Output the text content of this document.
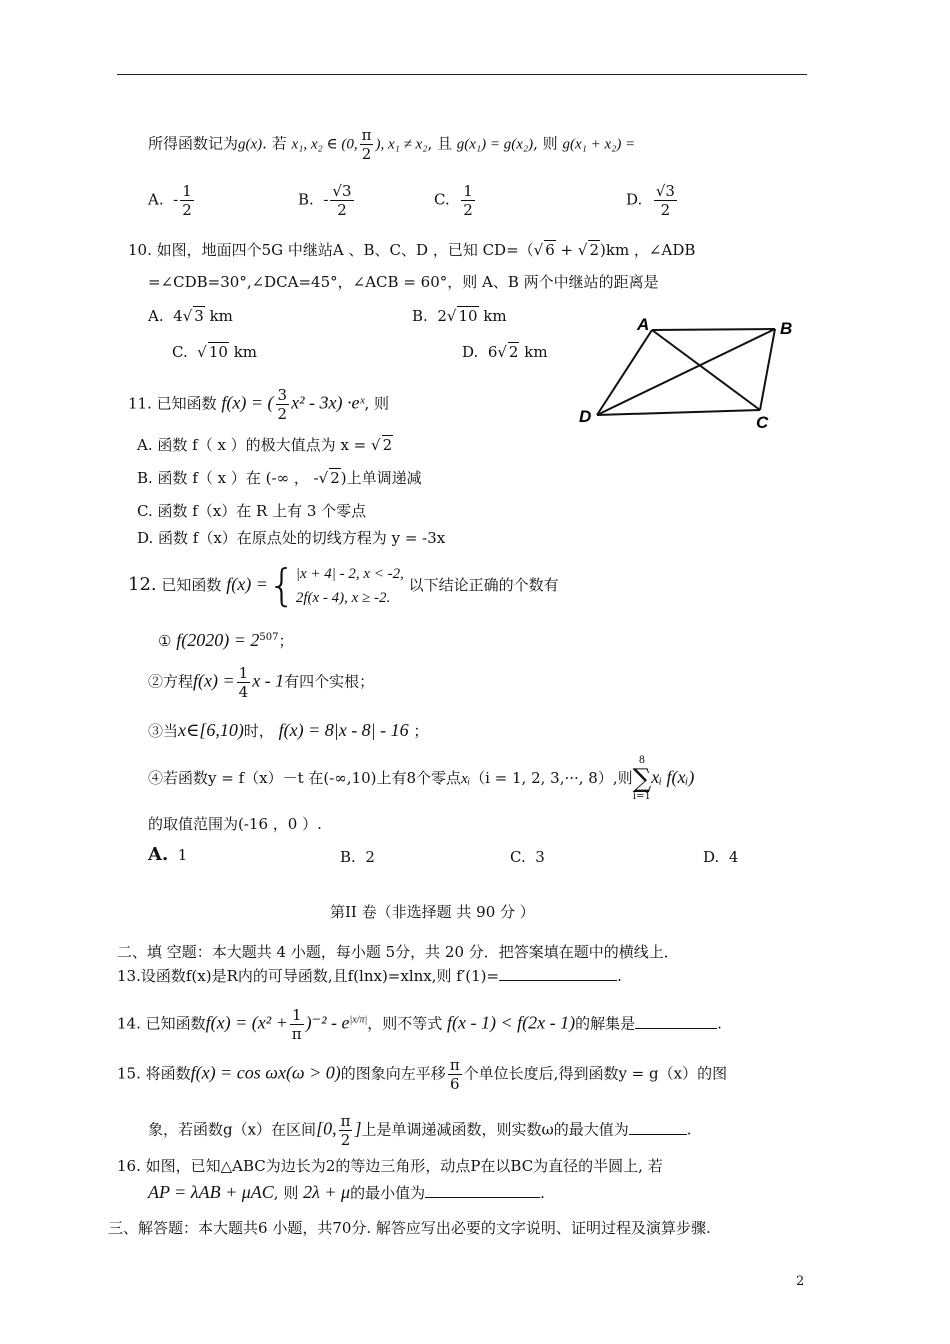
所得函数记为g(x). 若 x₁, x₂ ∈ (0, $\frac{\pi}{2}$ ), x₁ ≠ x₂, 且 g(x₁) = g(x₂), 则 g(x₁ + x₂) =
A. - $\frac{1}{2}$	B. - $\frac{√3}{2}$	C. $\frac{1}{2}$	D. $\frac{√3}{2}$
10. 如图，地面四个5G 中继站A 、B、C、D ，已知 CD=（√ 6 + √ 2)km ，∠ADB
=∠CDB=30°,∠DCA=45°，∠ACB = 60°，则 A、B 两个中继站的距离是
A. 4√ 3 km	B. 2√ 10 km
C. √ 10 km	D. 6√ 2 km
A	B
C
D
11. 已知函数 f(x) = ( $\frac{3}{2} x^2 - 3x$) ·eˣ, 则
A. 函数 f（ x ）的极大值点为 x = √ 2
B. 函数 f（ x ）在 (-∞ ， -√ 2)上单调递减
C. 函数 f（x）在 R 上有 3 个零点
D. 函数 f（x）在原点处的切线方程为 y = -3x
12. 已知函数 f(x) ={ |x + 4| - 2, x < -2,
2f(x - 4), x ≥ -2.
以下结论正确的个数有
① $f(2020) = 2^{507}$；
②方程$f(x) = \frac{1}{4}$ x - 1有四个实根；
③当x∈[6,10)时， f(x) = 8|x - 8| - 16 ；
④若函数y = f（x）－t 在(-∞,10)上有8个零点xᵢ（i = 1, 2, 3,···, 8）,则8
∑
i=1xᵢ f(xᵢ)
的取值范围为(-16 ，0 ）.
A. 1	B. 2	C. 3	D. 4
第II 卷（非选择题 共 90 分 ）
二、填 空题：本大题共 4 小题，每小题 5分，共 20 分．把答案填在题中的横线上．
13.设函数f(x)是R内的可导函数,且f(lnx)=xlnx,则 f′(1)=	.
14. 已知函数$f(x) = (x^2 + \frac{1}{\pi} )^{-2} - e^{|x/\pi|}$，则不等式 f(x - 1) < f(2x - 1)的解集是	.
15. 将函数f(x) = cos ωx(ω > 0)的图象向左平移 $\frac{\pi}{6}$ 个单位长度后,得到函数y = g（x）的图
象，若函数g（x）在区间[0, $\frac{\pi}{2}$ ]上是单调递减函数，则实数ω的最大值为	.
16. 如图，已知△ABC为边长为2的等边三角形，动点P在以BC为直径的半圆上, 若
AP = λAB + μAC, 则 2λ + μ的最小值为	.
三、解答题：本大题共6 小题，共70分. 解答应写出必要的文字说明、证明过程及演算步骤.
2
